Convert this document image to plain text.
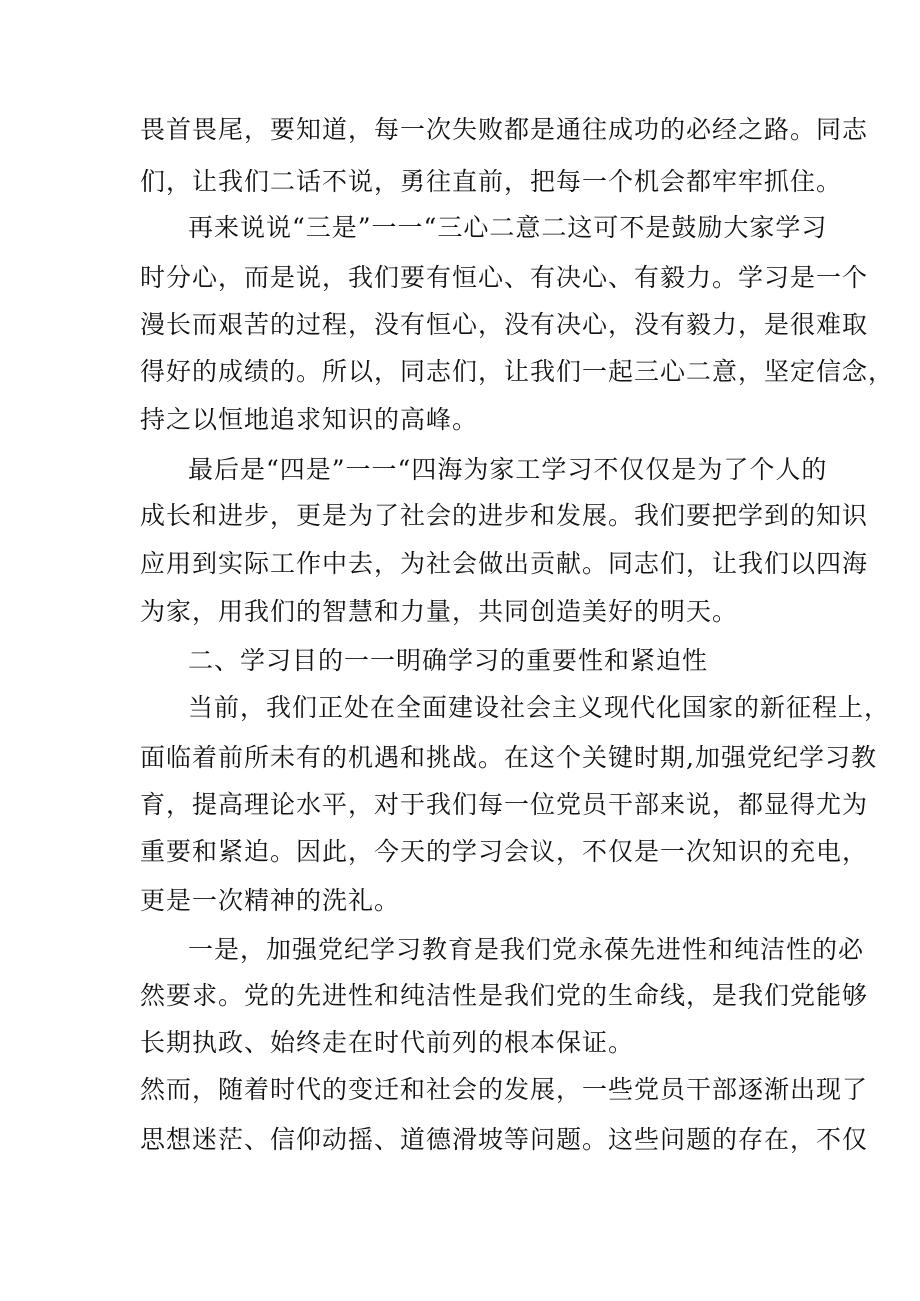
畏首畏尾，要知道，每一次失败都是通往成功的必经之路。同志
们，让我们二话不说，勇往直前，把每一个机会都牢牢抓住。
再来说说“三是”一一“三心二意二这可不是鼓励大家学习
时分心，而是说，我们要有恒心、有决心、有毅力。学习是一个
漫长而艰苦的过程，没有恒心，没有决心，没有毅力，是很难取
得好的成绩的。所以，同志们，让我们一起三心二意，坚定信念，
持之以恒地追求知识的高峰。
最后是“四是”一一“四海为家工学习不仅仅是为了个人的
成长和进步，更是为了社会的进步和发展。我们要把学到的知识
应用到实际工作中去，为社会做出贡献。同志们，让我们以四海
为家，用我们的智慧和力量，共同创造美好的明天。
二、学习目的一一明确学习的重要性和紧迫性
当前，我们正处在全面建设社会主义现代化国家的新征程上，
面临着前所未有的机遇和挑战。在这个关键时期,加强党纪学习教
育，提高理论水平，对于我们每一位党员干部来说，都显得尤为
重要和紧迫。因此，今天的学习会议，不仅是一次知识的充电，
更是一次精神的洗礼。
一是，加强党纪学习教育是我们党永葆先进性和纯洁性的必
然要求。党的先进性和纯洁性是我们党的生命线，是我们党能够
长期执政、始终走在时代前列的根本保证。
然而，随着时代的变迁和社会的发展，一些党员干部逐渐出现了
思想迷茫、信仰动摇、道德滑坡等问题。这些问题的存在，不仅
